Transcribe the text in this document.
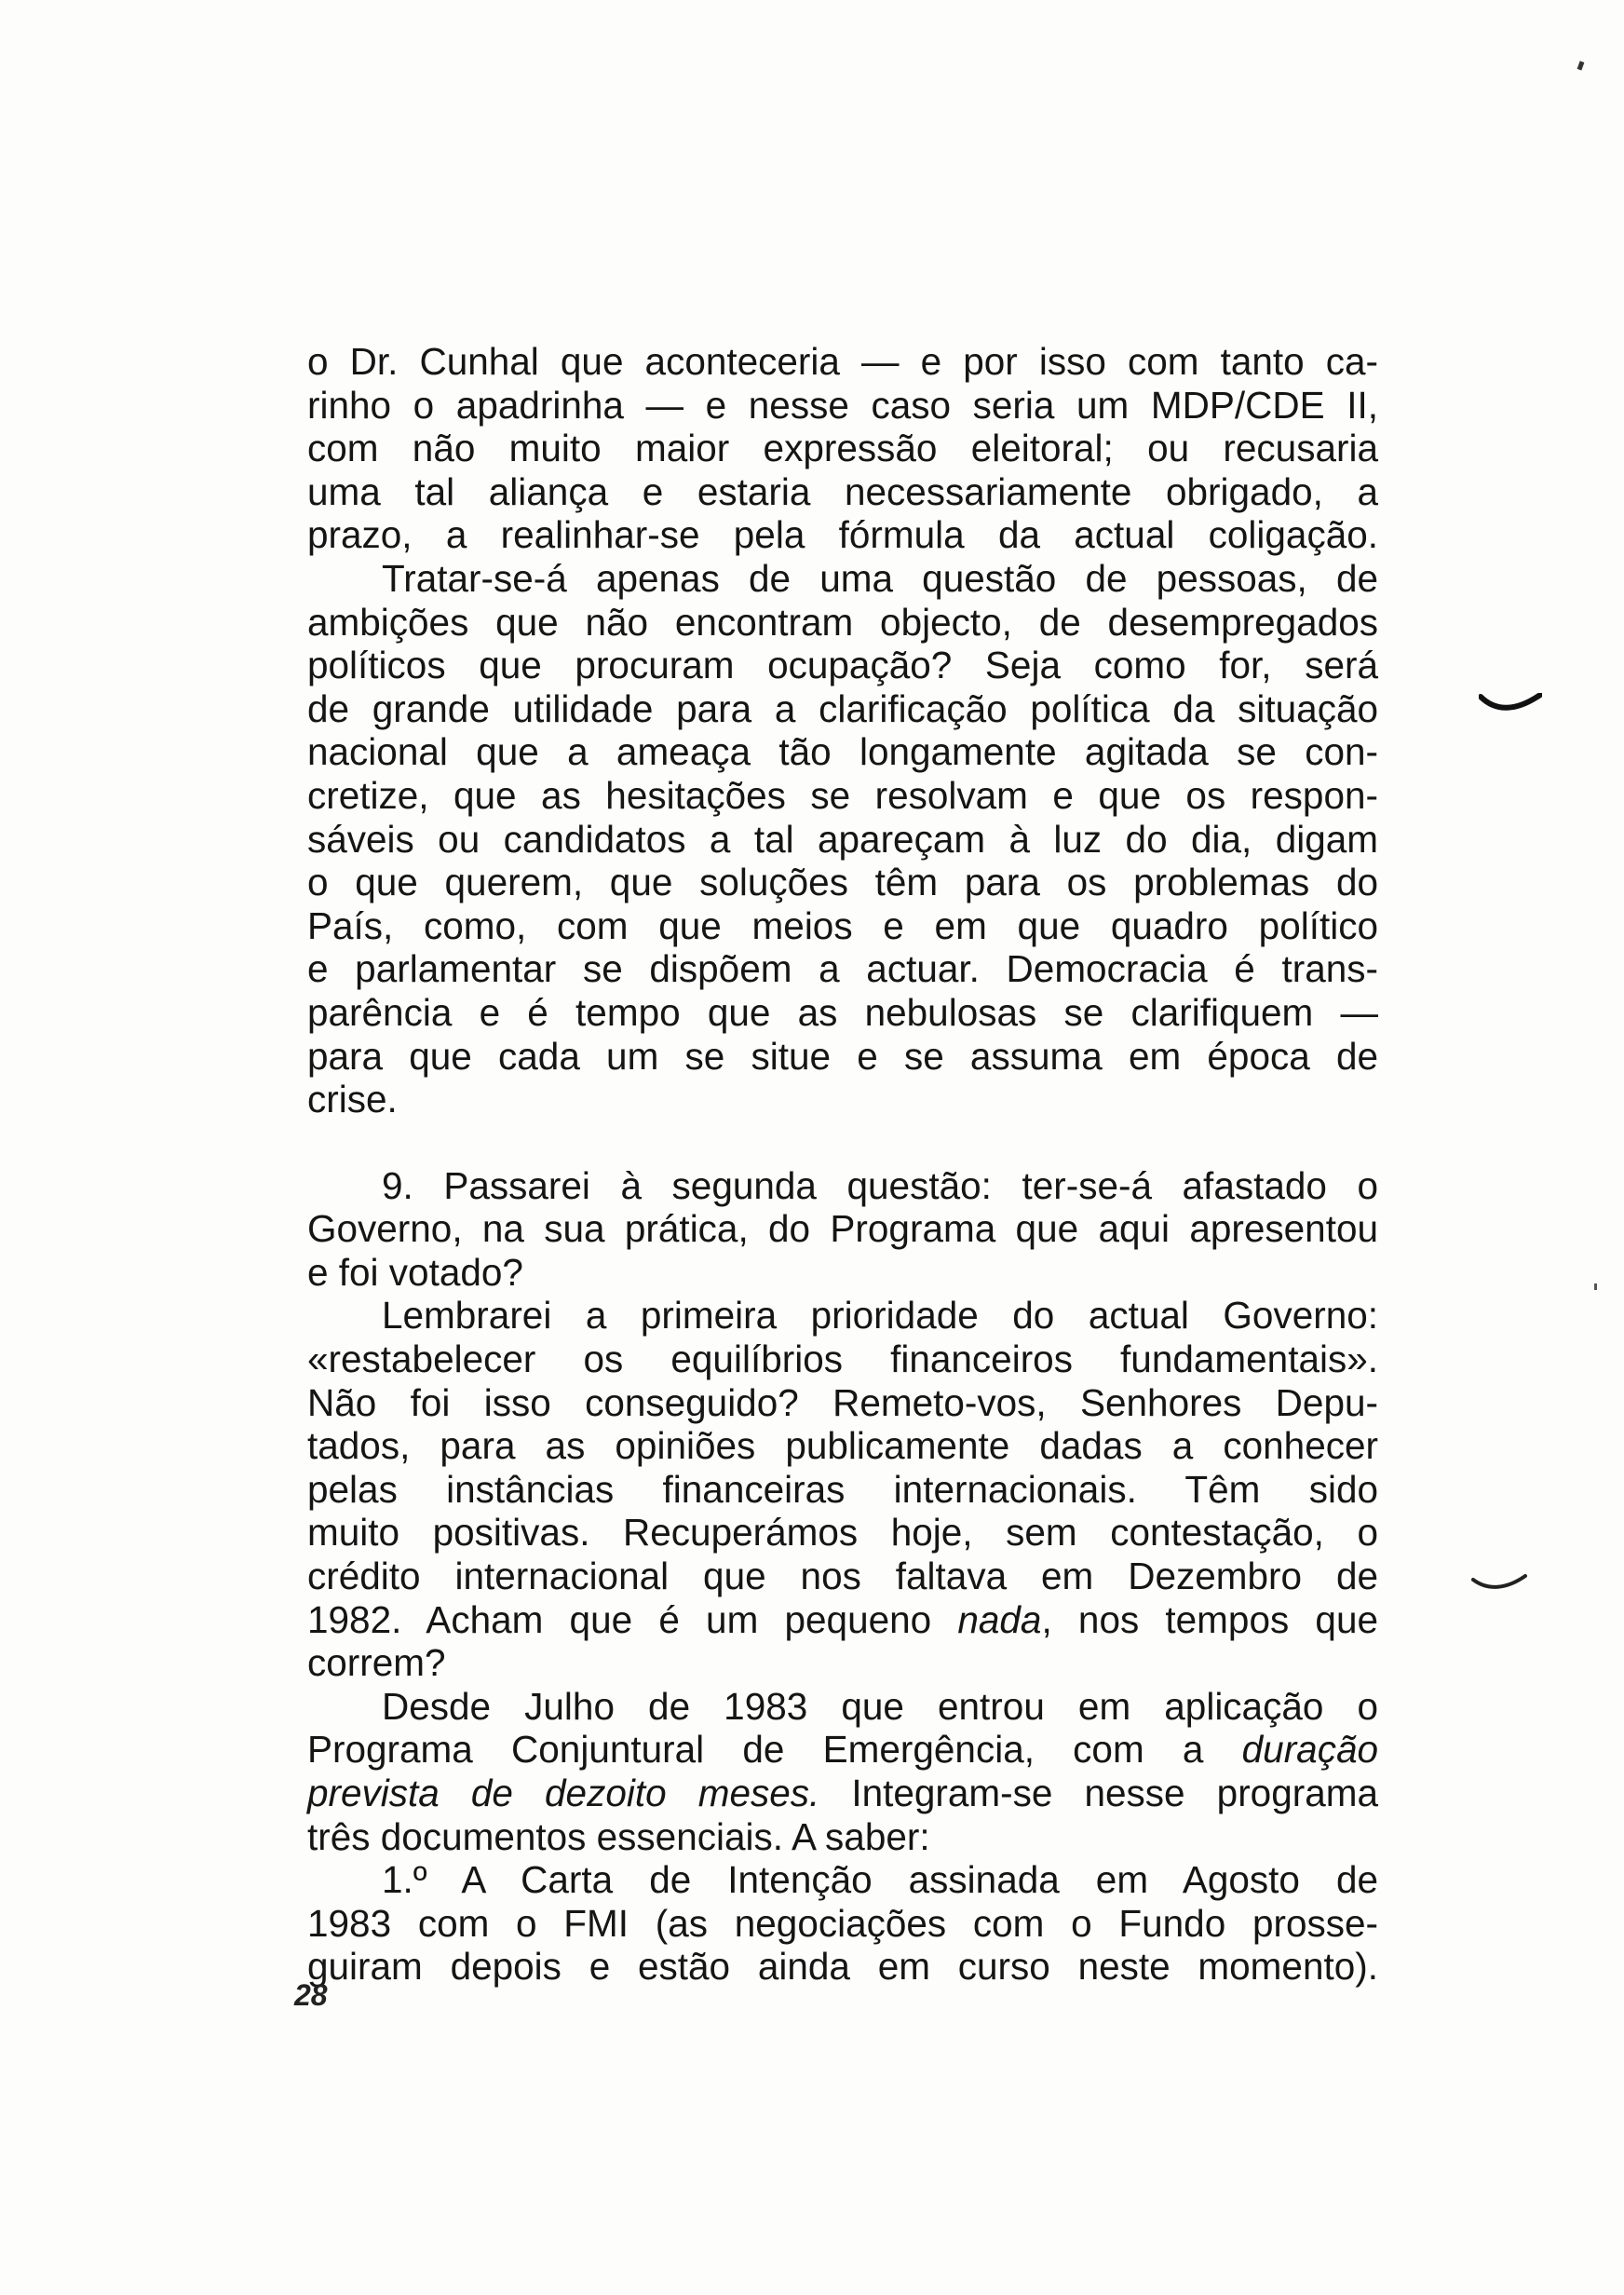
o Dr. Cunhal que aconteceria — e por isso com tanto ca-
rinho o apadrinha — e nesse caso seria um MDP/CDE II,
com não muito maior expressão eleitoral; ou recusaria
uma tal aliança e estaria necessariamente obrigado, a
prazo, a realinhar-se pela fórmula da actual coligação.
Tratar-se-á apenas de uma questão de pessoas, de
ambições que não encontram objecto, de desempregados
políticos que procuram ocupação? Seja como for, será
de grande utilidade para a clarificação política da situação
nacional que a ameaça tão longamente agitada se con-
cretize, que as hesitações se resolvam e que os respon-
sáveis ou candidatos a tal apareçam à luz do dia, digam
o que querem, que soluções têm para os problemas do
País, como, com que meios e em que quadro político
e parlamentar se dispõem a actuar. Democracia é trans-
parência e é tempo que as nebulosas se clarifiquem —
para que cada um se situe e se assuma em época de
crise.
9. Passarei à segunda questão: ter-se-á afastado o
Governo, na sua prática, do Programa que aqui apresentou
e foi votado?
Lembrarei a primeira prioridade do actual Governo:
«restabelecer os equilíbrios financeiros fundamentais».
Não foi isso conseguido? Remeto-vos, Senhores Depu-
tados, para as opiniões publicamente dadas a conhecer
pelas instâncias financeiras internacionais. Têm sido
muito positivas. Recuperámos hoje, sem contestação, o
crédito internacional que nos faltava em Dezembro de
1982. Acham que é um pequeno nada, nos tempos que
correm?
Desde Julho de 1983 que entrou em aplicação o
Programa Conjuntural de Emergência, com a duração
prevista de dezoito meses. Integram-se nesse programa
três documentos essenciais. A saber:
1.º A Carta de Intenção assinada em Agosto de
1983 com o FMI (as negociações com o Fundo prosse-
guiram depois e estão ainda em curso neste momento).
28
